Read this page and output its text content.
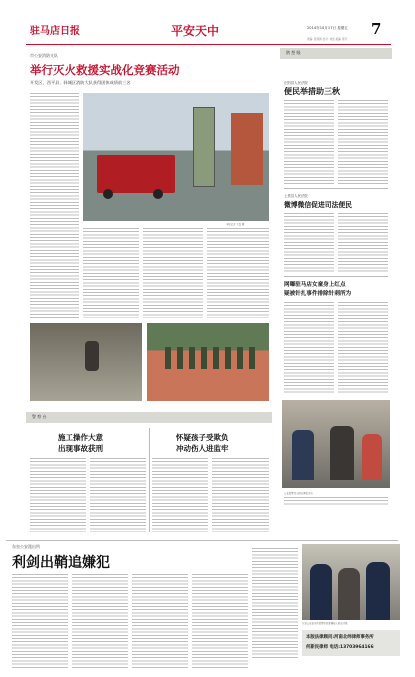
驻马店日报	平安天中	2014年10月17日 星期五 7
责编: 张保国 校对: 刘金 美编: 陈芳
市公安消防支队
举行灭火救援实战化竞赛活动
开发区、西平县、驿城区消防大队获得团体成绩前三名
本报记者 王磊 摄
鹊 想 眼
正阳县人民法院
便民举措助三秋
上蔡县人民法院
微博微信促进司法便民
网曝驻马店女童身上红点
疑被针扎事件排除针刺所为
公安民警深入群众调查走访
警 察 台
施工操作大意
出现事故获刑
怀疑孩子受欺负
冲动伤人进监牢
东皇公安派出所
利剑出鞘追嫌犯
东皇公安派出所民警将犯罪嫌疑人抓获归案
本版法律顾问:河南北纬律师事务所
何新民律师 电话:13703964166
